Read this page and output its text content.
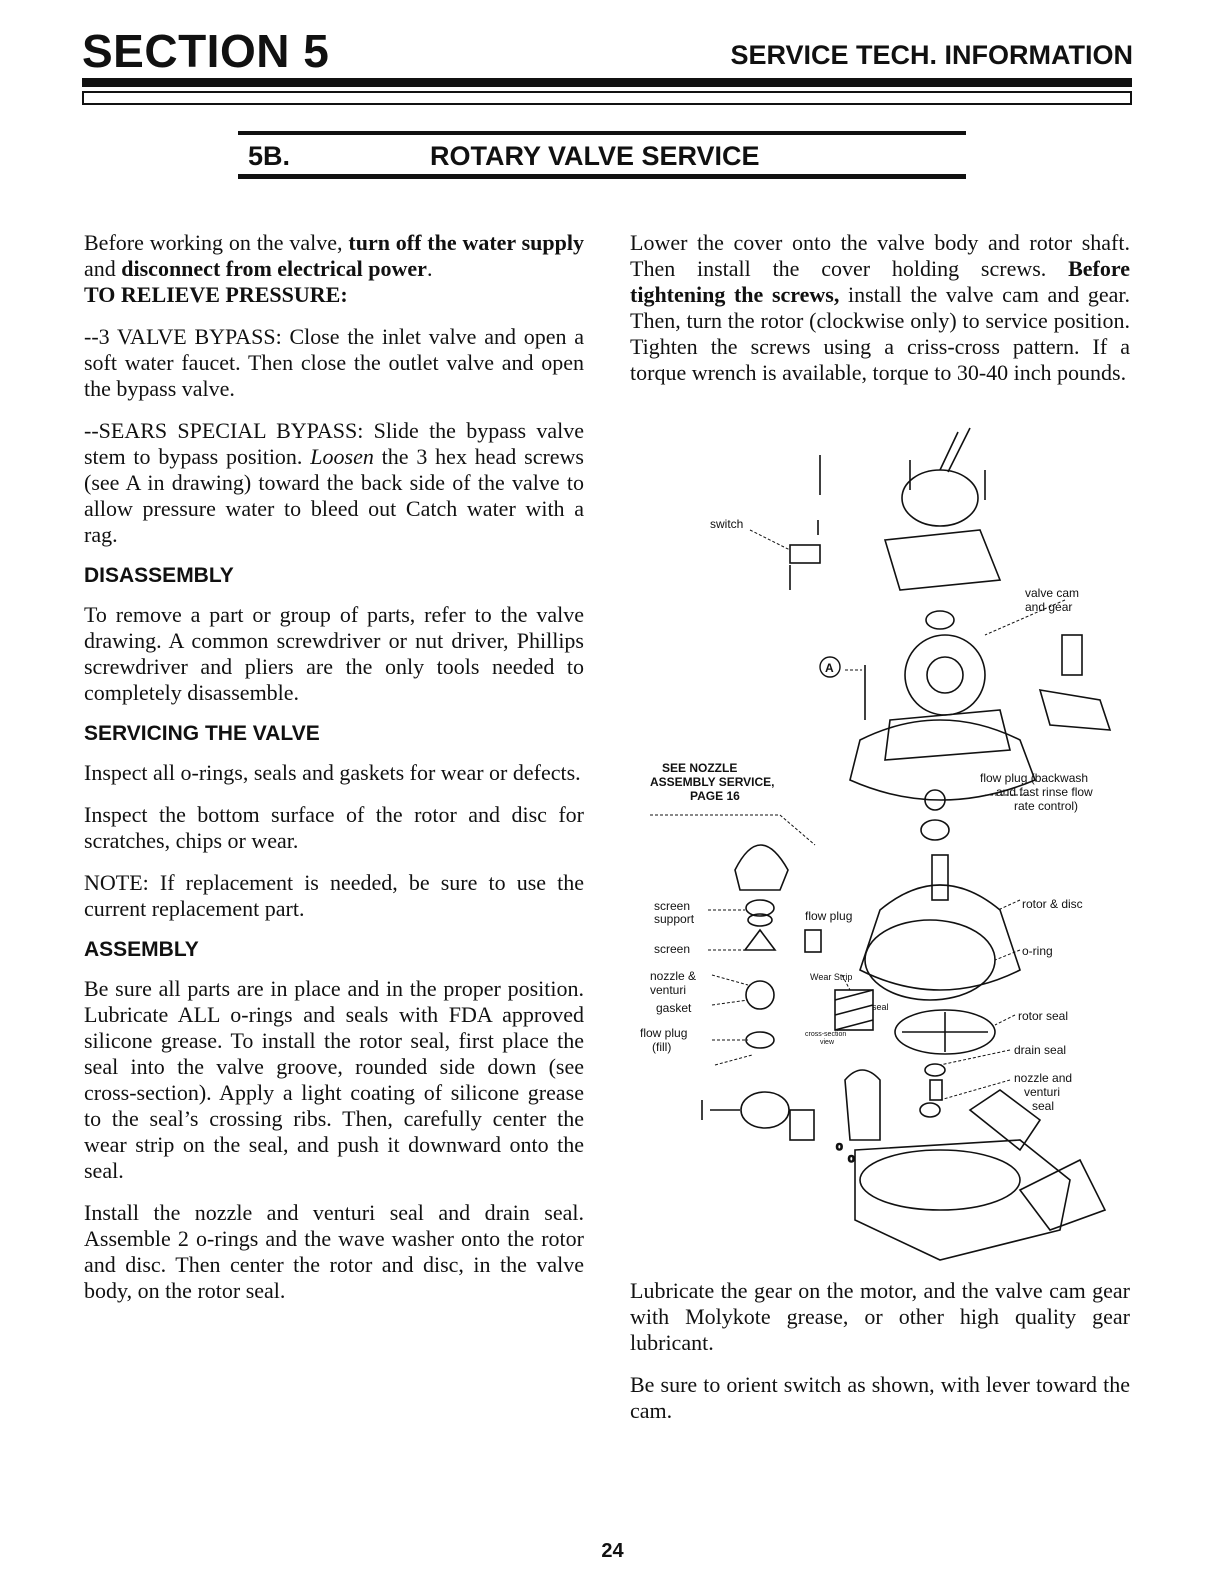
SECTION 5	SERVICE TECH. INFORMATION
5B.	ROTARY VALVE SERVICE

Before working on the valve, turn off the water supply and disconnect from electrical power.
TO RELIEVE PRESSURE:

--3 VALVE BYPASS: Close the inlet valve and open a soft water faucet. Then close the outlet valve and open the bypass valve.

--SEARS SPECIAL BYPASS: Slide the bypass valve stem to bypass position. Loosen the 3 hex head screws (see A in drawing) toward the back side of the valve to allow pressure water to bleed out Catch water with a rag.

DISASSEMBLY

To remove a part or group of parts, refer to the valve drawing. A common screwdriver or nut driver, Phillips screwdriver and pliers are the only tools needed to completely disassemble.

SERVICING THE VALVE

Inspect all o-rings, seals and gaskets for wear or defects.

Inspect the bottom surface of the rotor and disc for scratches, chips or wear.

NOTE: If replacement is needed, be sure to use the current replacement part.

ASSEMBLY

Be sure all parts are in place and in the proper position. Lubricate ALL o-rings and seals with FDA approved silicone grease. To install the rotor seal, first place the seal into the valve groove, rounded side down (see cross-section). Apply a light coating of silicone grease to the seal’s crossing ribs. Then, carefully center the wear strip on the seal, and push it downward onto the seal.

Install the nozzle and venturi seal and drain seal. Assemble 2 o-rings and the wave washer onto the rotor and disc. Then center the rotor and disc, in the valve body, on the rotor seal.

Lower the cover onto the valve body and rotor shaft. Then install the cover holding screws. Before tightening the screws, install the valve cam and gear. Then, turn the rotor (clockwise only) to service position. Tighten the screws using a criss-cross pattern. If a torque wrench is available, torque to 30-40 inch pounds.

Lubricate the gear on the motor, and the valve cam gear with Molykote grease, or other high quality gear lubricant.

Be sure to orient switch as shown, with lever toward the cam.

o
o
A
switch
valve cam
and gear
SEE NOZZLE
ASSEMBLY SERVICE,
PAGE 16
flow plug (backwash
and fast rinse flow
rate control)
screen
support	flow plug
rotor & disc
screen	o-ring
nozzle &
venturi
Wear Strip
gasket	seal
rotor seal
flow plug
(fill)
cross-section
view
drain seal
nozzle and
venturi
seal
24
